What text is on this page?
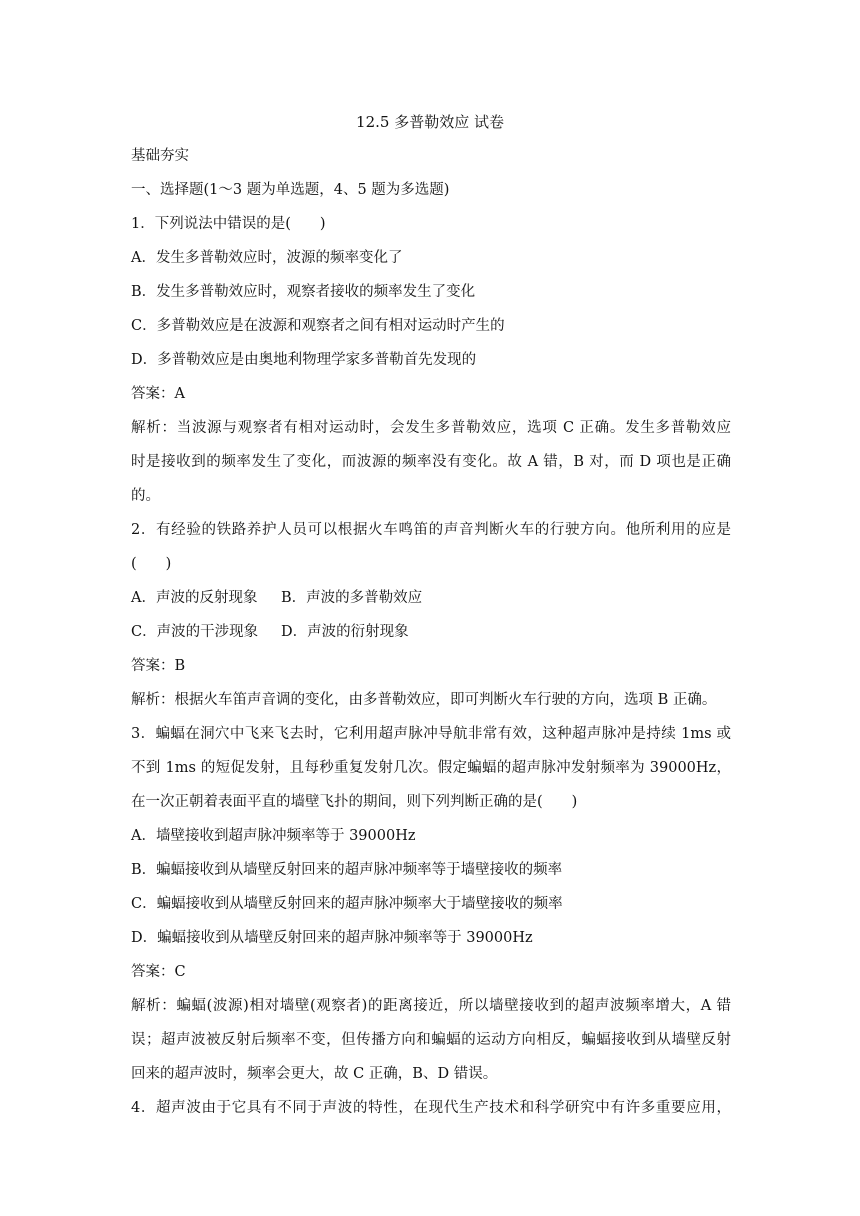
12.5 多普勒效应 试卷

基础夯实

一、选择题(1～3 题为单选题，4、5 题为多选题)

1．下列说法中错误的是(　　)

A．发生多普勒效应时，波源的频率变化了

B．发生多普勒效应时，观察者接收的频率发生了变化

C．多普勒效应是在波源和观察者之间有相对运动时产生的

D．多普勒效应是由奥地利物理学家多普勒首先发现的

答案：A

解析：当波源与观察者有相对运动时，会发生多普勒效应，选项 C 正确。发生多普勒效应

时是接收到的频率发生了变化，而波源的频率没有变化。故 A 错，B 对，而 D 项也是正确

的。

2．有经验的铁路养护人员可以根据火车鸣笛的声音判断火车的行驶方向。他所利用的应是

(　　)

A．声波的反射现象	B．声波的多普勒效应
C．声波的干涉现象	D．声波的衍射现象

答案：B

解析：根据火车笛声音调的变化，由多普勒效应，即可判断火车行驶的方向，选项 B 正确。

3．蝙蝠在洞穴中飞来飞去时，它利用超声脉冲导航非常有效，这种超声脉冲是持续 1ms 或

不到 1ms 的短促发射，且每秒重复发射几次。假定蝙蝠的超声脉冲发射频率为 39000Hz，

在一次正朝着表面平直的墙壁飞扑的期间，则下列判断正确的是(　　)

A．墙壁接收到超声脉冲频率等于 39000Hz

B．蝙蝠接收到从墙壁反射回来的超声脉冲频率等于墙壁接收的频率

C．蝙蝠接收到从墙壁反射回来的超声脉冲频率大于墙壁接收的频率

D．蝙蝠接收到从墙壁反射回来的超声脉冲频率等于 39000Hz

答案：C

解析：蝙蝠(波源)相对墙壁(观察者)的距离接近，所以墙壁接收到的超声波频率增大，A 错

误；超声波被反射后频率不变，但传播方向和蝙蝠的运动方向相反，蝙蝠接收到从墙壁反射

回来的超声波时，频率会更大，故 C 正确，B、D 错误。

4．超声波由于它具有不同于声波的特性，在现代生产技术和科学研究中有许多重要应用，
